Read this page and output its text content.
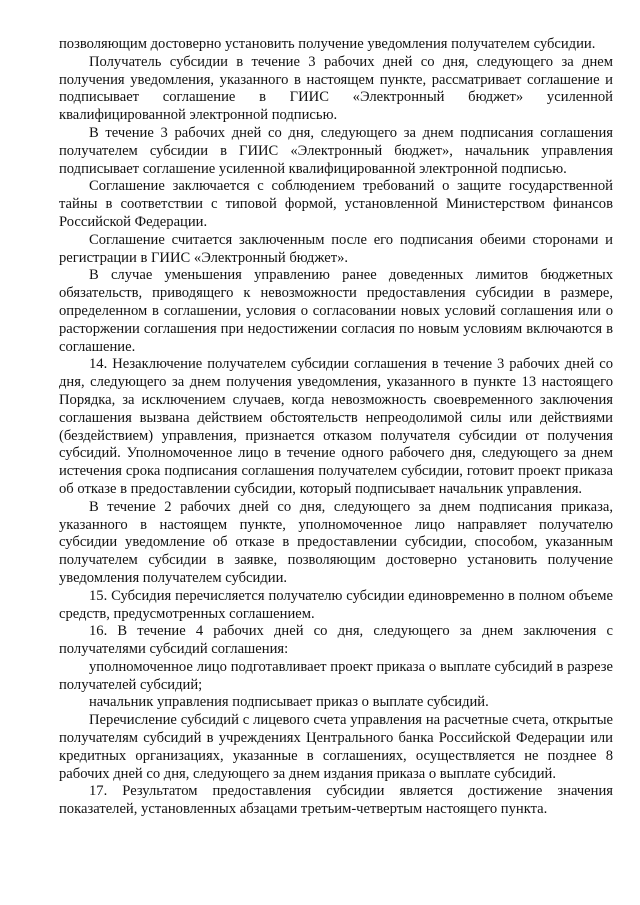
позволяющим достоверно установить получение уведомления получателем субсидии.

Получатель субсидии в течение 3 рабочих дней со дня, следующего за днем получения уведомления, указанного в настоящем пункте, рассматривает соглашение и подписывает соглашение в ГИИС «Электронный бюджет» усиленной квалифицированной электронной подписью.

В течение 3 рабочих дней со дня, следующего за днем подписания соглашения получателем субсидии в ГИИС «Электронный бюджет», начальник управления подписывает соглашение усиленной квалифицированной электронной подписью.

Соглашение заключается с соблюдением требований о защите государственной тайны в соответствии с типовой формой, установленной Министерством финансов Российской Федерации.

Соглашение считается заключенным после его подписания обеими сторонами и регистрации в ГИИС «Электронный бюджет».

В случае уменьшения управлению ранее доведенных лимитов бюджетных обязательств, приводящего к невозможности предоставления субсидии в размере, определенном в соглашении, условия о согласовании новых условий соглашения или о расторжении соглашения при недостижении согласия по новым условиям включаются в соглашение.

14. Незаключение получателем субсидии соглашения в течение 3 рабочих дней со дня, следующего за днем получения уведомления, указанного в пункте 13 настоящего Порядка, за исключением случаев, когда невозможность своевременного заключения соглашения вызвана действием обстоятельств непреодолимой силы или действиями (бездействием) управления, признается отказом получателя субсидии от получения субсидий. Уполномоченное лицо в течение одного рабочего дня, следующего за днем истечения срока подписания соглашения получателем субсидии, готовит проект приказа об отказе в предоставлении субсидии, который подписывает начальник управления.

В течение 2 рабочих дней со дня, следующего за днем подписания приказа, указанного в настоящем пункте, уполномоченное лицо направляет получателю субсидии уведомление об отказе в предоставлении субсидии, способом, указанным получателем субсидии в заявке, позволяющим достоверно установить получение уведомления получателем субсидии.

15. Субсидия перечисляется получателю субсидии единовременно в полном объеме средств, предусмотренных соглашением.

16. В течение 4 рабочих дней со дня, следующего за днем заключения с получателями субсидий соглашения:

уполномоченное лицо подготавливает проект приказа о выплате субсидий в разрезе получателей субсидий;

начальник управления подписывает приказ о выплате субсидий.

Перечисление субсидий с лицевого счета управления на расчетные счета, открытые получателям субсидий в учреждениях Центрального банка Российской Федерации или кредитных организациях, указанные в соглашениях, осуществляется не позднее 8 рабочих дней со дня, следующего за днем издания приказа о выплате субсидий.

17. Результатом предоставления субсидии является достижение значения показателей, установленных абзацами третьим-четвертым настоящего пункта.
